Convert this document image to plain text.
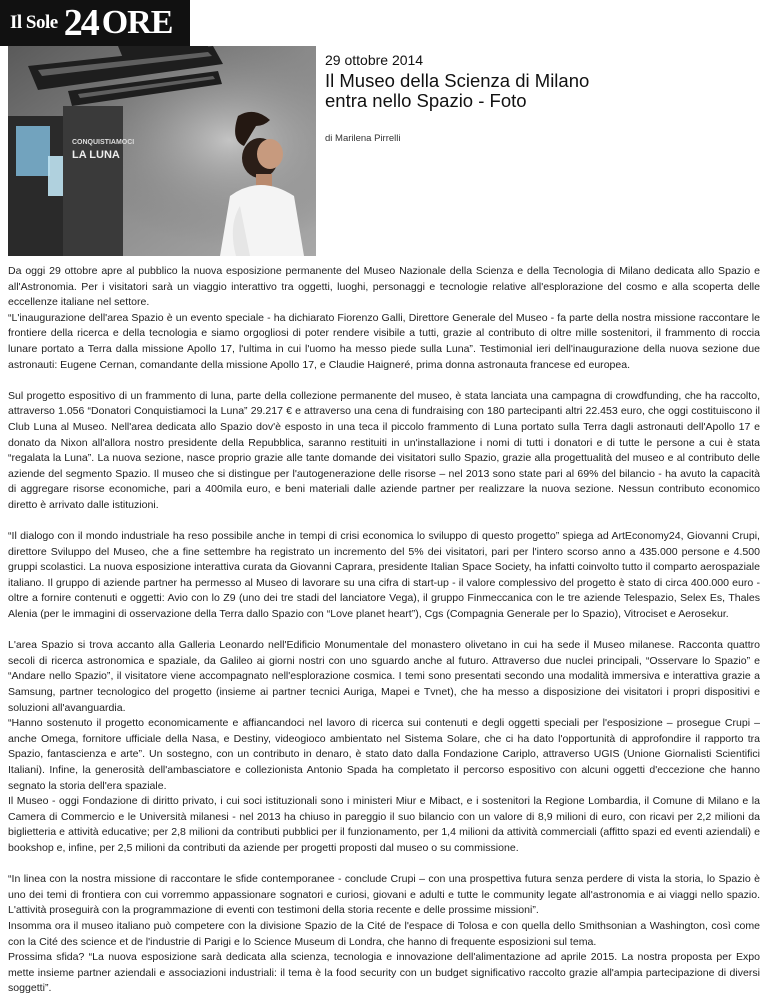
Il Sole 24 ORE
CONQUISTIAMOCI
LA LUNA
29 ottobre 2014
Il Museo della Scienza di Milano
entra nello Spazio - Foto
di Marilena Pirrelli

Da oggi 29 ottobre apre al pubblico la nuova esposizione permanente del Museo Nazionale della Scienza e della Tecnologia di Milano dedicata allo Spazio e all'Astronomia. Per i visitatori sarà un viaggio interattivo tra oggetti, luoghi, personaggi e tecnologie relative all'esplorazione del cosmo e alla scoperta delle eccellenze italiane nel settore.

“L'inaugurazione dell'area Spazio è un evento speciale - ha dichiarato Fiorenzo Galli, Direttore Generale del Museo - fa parte della nostra missione raccontare le frontiere della ricerca e della tecnologia e siamo orgogliosi di poter rendere visibile a tutti, grazie al contributo di oltre mille sostenitori, il frammento di roccia lunare portato a Terra dalla missione Apollo 17, l'ultima in cui l'uomo ha messo piede sulla Luna”. Testimonial ieri dell'inaugurazione della nuova sezione due astronauti: Eugene Cernan, comandante della missione Apollo 17, e Claudie Haigneré, prima donna astronauta francese ed europea.

Sul progetto espositivo di un frammento di luna, parte della collezione permanente del museo, è stata lanciata una campagna di crowdfunding, che ha raccolto, attraverso 1.056 “Donatori Conquistiamoci la Luna” 29.217 € e attraverso una cena di fundraising con 180 partecipanti altri 22.453 euro, che oggi costituiscono il Club Luna al Museo. Nell'area dedicata allo Spazio dov'è esposto in una teca il piccolo frammento di Luna portato sulla Terra dagli astronauti dell'Apollo 17 e donato da Nixon all'allora nostro presidente della Repubblica, saranno restituiti in un'installazione i nomi di tutti i donatori e di tutte le persone a cui è stata “regalata la Luna”. La nuova sezione, nasce proprio grazie alle tante domande dei visitatori sullo Spazio, grazie alla progettualità del museo e al contributo delle aziende del segmento Spazio. Il museo che si distingue per l'autogenerazione delle risorse – nel 2013 sono state pari al 69% del bilancio - ha avuto la capacità di aggregare risorse economiche, pari a 400mila euro, e beni materiali dalle aziende partner per realizzare la nuova sezione. Nessun contributo economico diretto è arrivato dalle istituzioni.

“Il dialogo con il mondo industriale ha reso possibile anche in tempi di crisi economica lo sviluppo di questo progetto” spiega ad ArtEconomy24, Giovanni Crupi, direttore Sviluppo del Museo, che a fine settembre ha registrato un incremento del 5% dei visitatori, pari per l'intero scorso anno a 435.000 persone e 4.500 gruppi scolastici. La nuova esposizione interattiva curata da Giovanni Caprara, presidente Italian Space Society, ha infatti coinvolto tutto il comparto aerospaziale italiano. Il gruppo di aziende partner ha permesso al Museo di lavorare su una cifra di start-up - il valore complessivo del progetto è stato di circa 400.000 euro - oltre a fornire contenuti e oggetti: Avio con lo Z9 (uno dei tre stadi del lanciatore Vega), il gruppo Finmeccanica con le tre aziende Telespazio, Selex Es, Thales Alenia (per le immagini di osservazione della Terra dallo Spazio con “Love planet heart”), Cgs (Compagnia Generale per lo Spazio), Vitrociset e Aerosekur.

L'area Spazio si trova accanto alla Galleria Leonardo nell'Edificio Monumentale del monastero olivetano in cui ha sede il Museo milanese. Racconta quattro secoli di ricerca astronomica e spaziale, da Galileo ai giorni nostri con uno sguardo anche al futuro. Attraverso due nuclei principali, “Osservare lo Spazio” e “Andare nello Spazio”, il visitatore viene accompagnato nell'esplorazione cosmica. I temi sono presentati secondo una modalità immersiva e interattiva grazie a Samsung, partner tecnologico del progetto (insieme ai partner tecnici Auriga, Mapei e Tvnet), che ha messo a disposizione dei visitatori i propri dispositivi e soluzioni all'avanguardia.

“Hanno sostenuto il progetto economicamente e affiancandoci nel lavoro di ricerca sui contenuti e degli oggetti speciali per l'esposizione – prosegue Crupi – anche Omega, fornitore ufficiale della Nasa, e Destiny, videogioco ambientato nel Sistema Solare, che ci ha dato l'opportunità di approfondire il rapporto tra Spazio, fantascienza e arte”. Un sostegno, con un contributo in denaro, è stato dato dalla Fondazione Cariplo, attraverso UGIS (Unione Giornalisti Scientifici Italiani). Infine, la generosità dell'ambasciatore e collezionista Antonio Spada ha completato il percorso espositivo con alcuni oggetti d'eccezione che hanno segnato la storia dell'era spaziale.

Il Museo - oggi Fondazione di diritto privato, i cui soci istituzionali sono i ministeri Miur e Mibact, e i sostenitori la Regione Lombardia, il Comune di Milano e la Camera di Commercio e le Università milanesi - nel 2013 ha chiuso in pareggio il suo bilancio con un valore di 8,9 milioni di euro, con ricavi per 2,2 milioni da biglietteria e attività educative; per 2,8 milioni da contributi pubblici per il funzionamento, per 1,4 milioni da attività commerciali (affitto spazi ed eventi aziendali) e bookshop e, infine, per 2,5 milioni da contributi da aziende per progetti proposti dal museo o su commissione.

“In linea con la nostra missione di raccontare le sfide contemporanee - conclude Crupi – con una prospettiva futura senza perdere di vista la storia, lo Spazio è uno dei temi di frontiera con cui vorremmo appassionare sognatori e curiosi, giovani e adulti e tutte le community legate all'astronomia e ai viaggi nello spazio. L'attività proseguirà con la programmazione di eventi con testimoni della storia recente e delle prossime missioni”.

Insomma ora il museo italiano può competere con la divisione Spazio de la Cité de l'espace di Tolosa e con quella dello Smithsonian a Washington, così come con la Cité des science et de l'industrie di Parigi e lo Science Museum di Londra, che hanno di frequente esposizioni sul tema.

Prossima sfida? “La nuova esposizione sarà dedicata alla scienza, tecnologia e innovazione dell'alimentazione ad aprile 2015. La nostra proposta per Expo mette insieme partner aziendali e associazioni industriali: il tema è la food security con un budget significativo raccolto grazie all'ampia partecipazione di diversi soggetti”.
